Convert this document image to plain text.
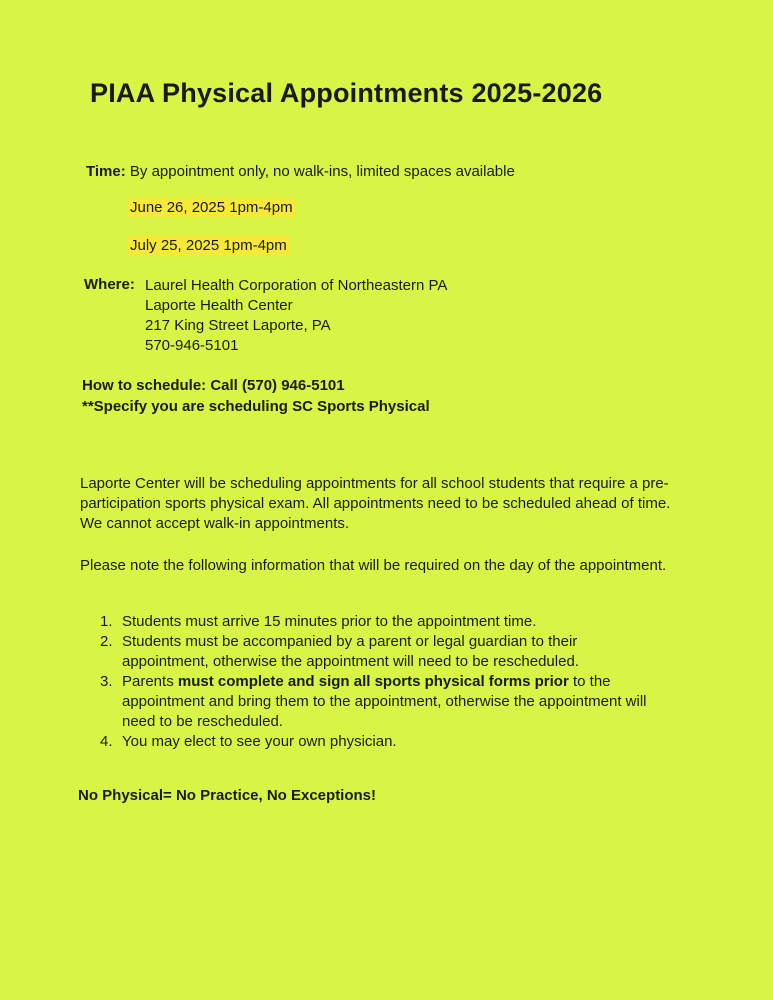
PIAA Physical Appointments 2025-2026
Time: By appointment only, no walk-ins, limited spaces available
June 26, 2025 1pm-4pm
July 25, 2025 1pm-4pm
Where: Laurel Health Corporation of Northeastern PA
Laporte Health Center
217 King Street Laporte, PA
570-946-5101
How to schedule: Call (570) 946-5101
**Specify you are scheduling SC Sports Physical
Laporte Center will be scheduling appointments for all school students that require a pre-participation sports physical exam. All appointments need to be scheduled ahead of time. We cannot accept walk-in appointments.
Please note the following information that will be required on the day of the appointment.
1. Students must arrive 15 minutes prior to the appointment time.
2. Students must be accompanied by a parent or legal guardian to their appointment, otherwise the appointment will need to be rescheduled.
3. Parents must complete and sign all sports physical forms prior to the appointment and bring them to the appointment, otherwise the appointment will need to be rescheduled.
4. You may elect to see your own physician.
No Physical= No Practice, No Exceptions!
